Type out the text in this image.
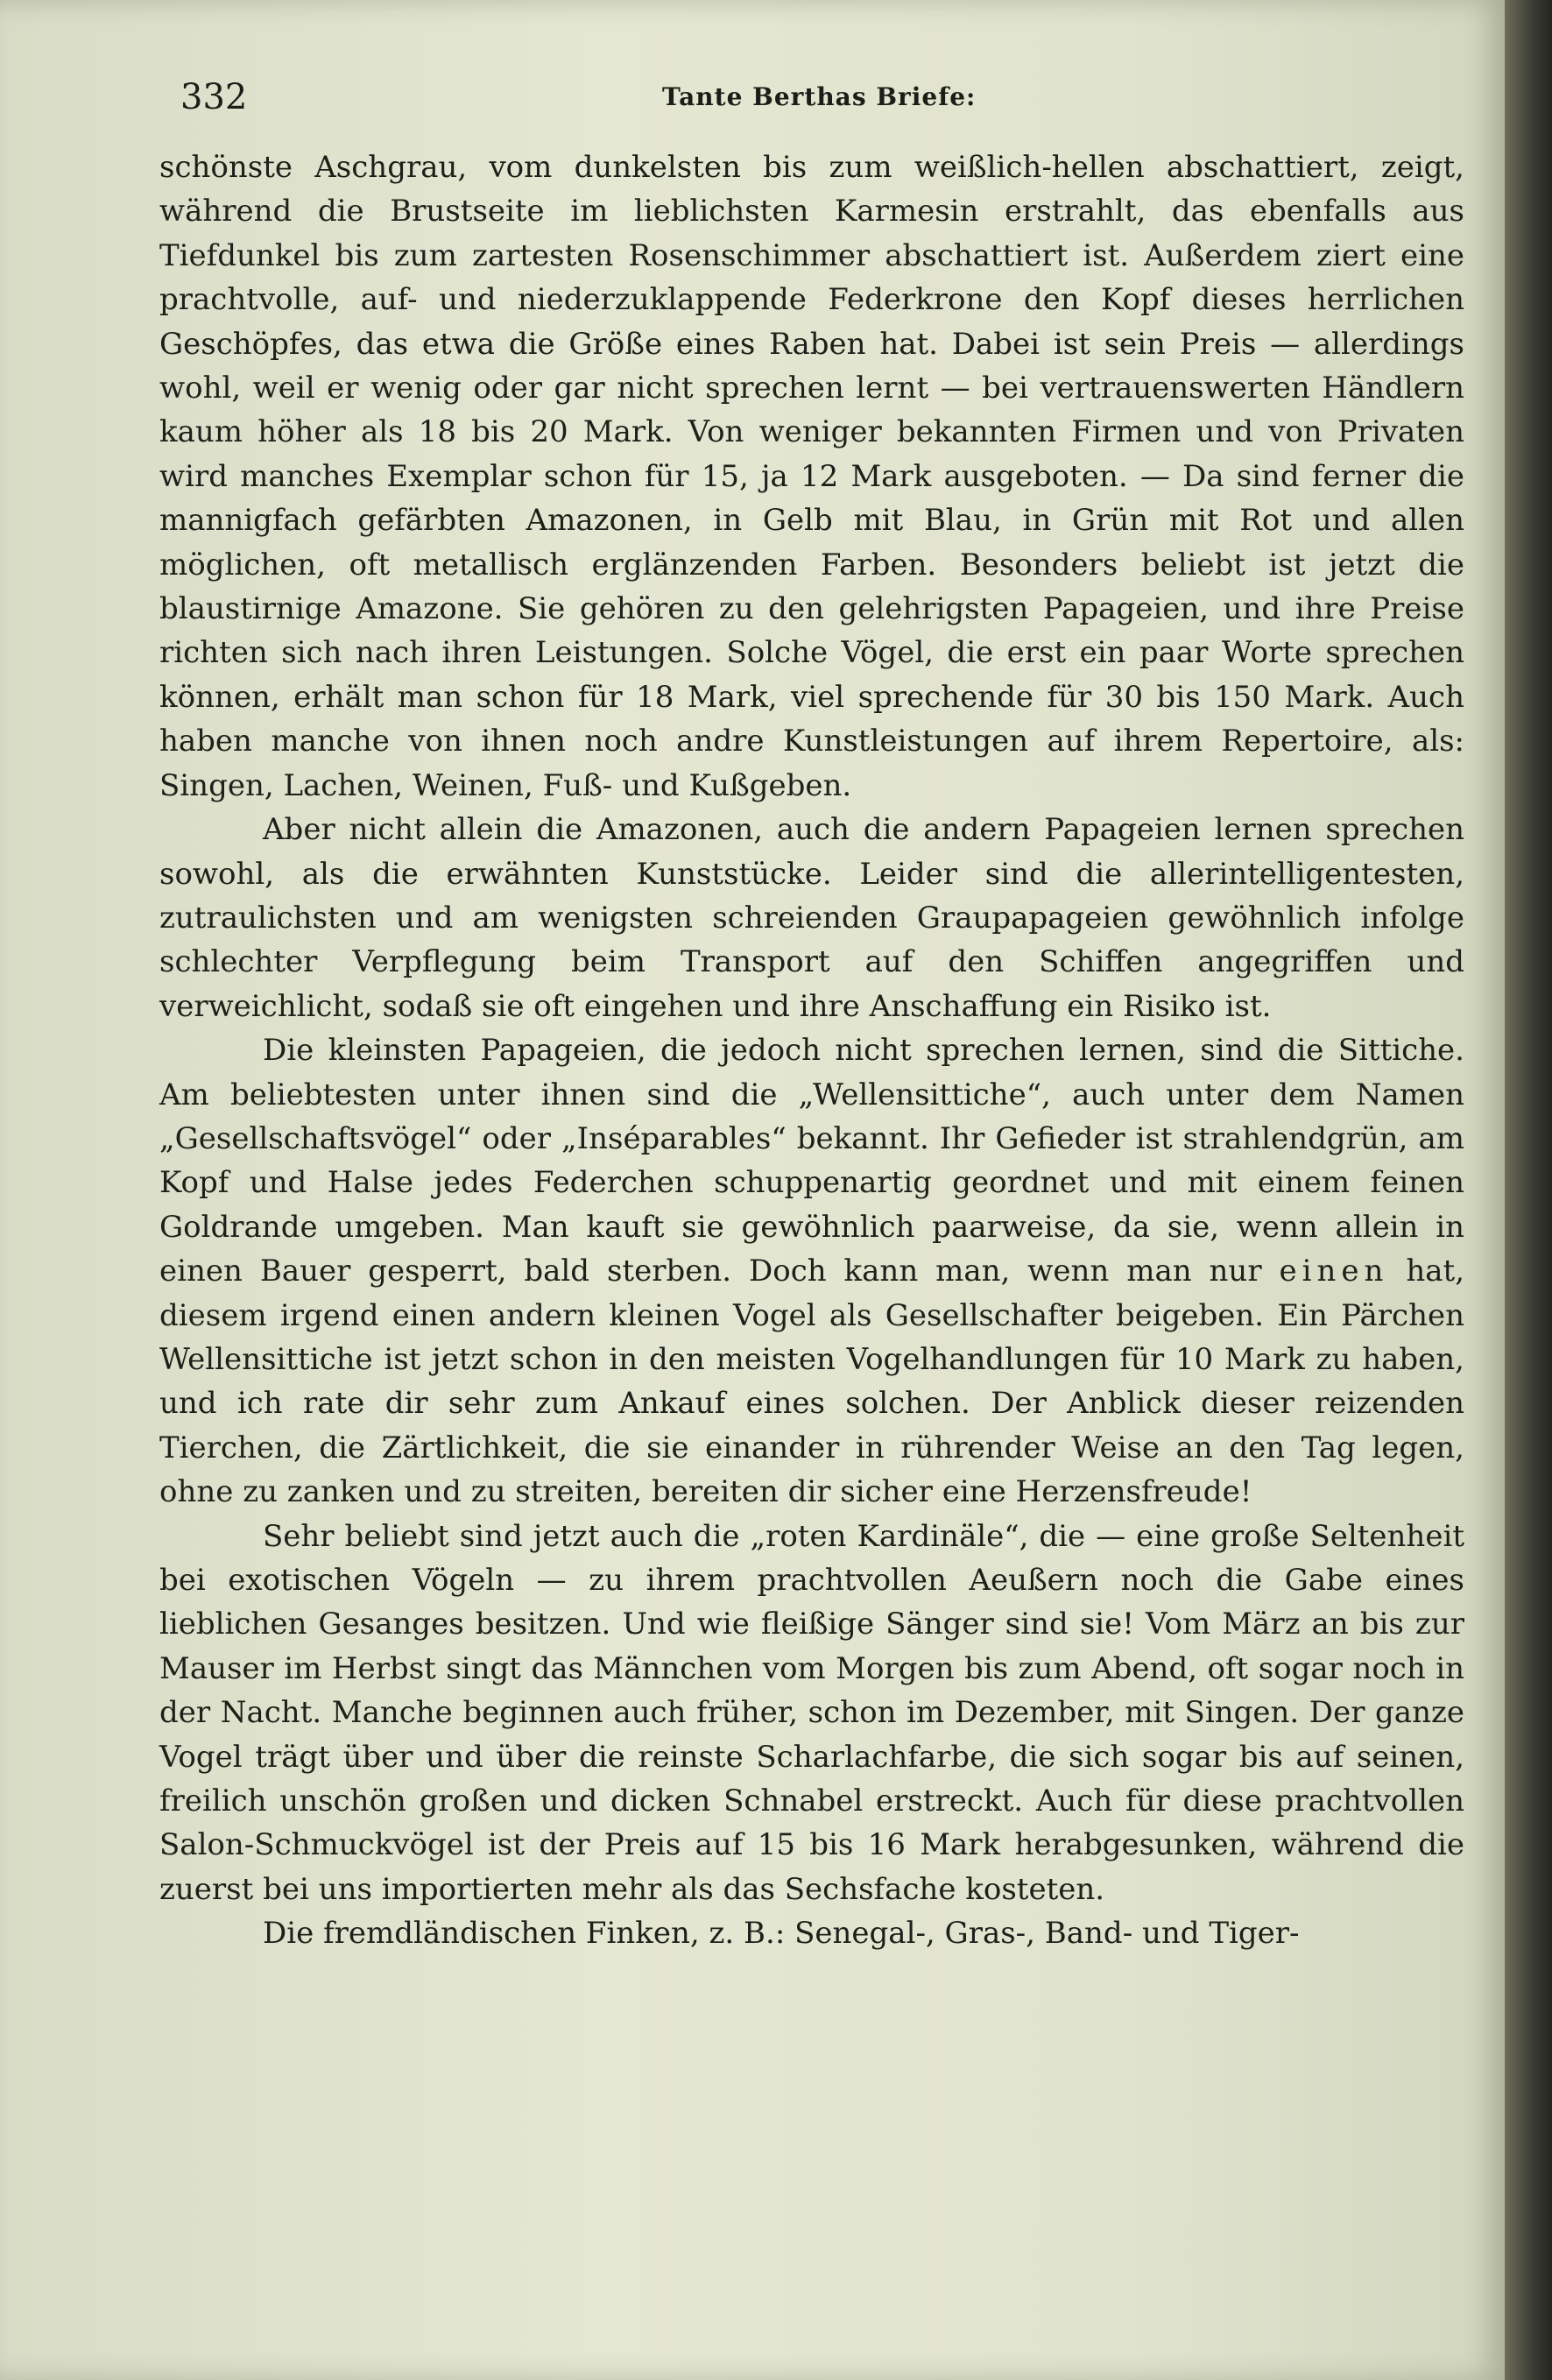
332	Tante Berthas Briefe:

schönste Aschgrau, vom dunkelsten bis zum weißlich-hellen abschattiert, zeigt, während die Brustseite im lieblichsten Karmesin erstrahlt, das ebenfalls aus Tiefdunkel bis zum zartesten Rosenschimmer abschattiert ist. Außerdem ziert eine prachtvolle, auf- und niederzuklappende Federkrone den Kopf dieses herrlichen Geschöpfes, das etwa die Größe eines Raben hat. Dabei ist sein Preis — allerdings wohl, weil er wenig oder gar nicht sprechen lernt — bei vertrauenswerten Händlern kaum höher als 18 bis 20 Mark. Von weniger bekannten Firmen und von Privaten wird manches Exemplar schon für 15, ja 12 Mark ausgeboten. — Da sind ferner die mannigfach gefärbten Amazonen, in Gelb mit Blau, in Grün mit Rot und allen möglichen, oft metallisch erglänzenden Farben. Besonders beliebt ist jetzt die blaustirnige Amazone. Sie gehören zu den gelehrigsten Papageien, und ihre Preise richten sich nach ihren Leistungen. Solche Vögel, die erst ein paar Worte sprechen können, erhält man schon für 18 Mark, viel sprechende für 30 bis 150 Mark. Auch haben manche von ihnen noch andre Kunstleistungen auf ihrem Repertoire, als: Singen, Lachen, Weinen, Fuß- und Kußgeben.

Aber nicht allein die Amazonen, auch die andern Papageien lernen sprechen sowohl, als die erwähnten Kunststücke. Leider sind die allerintelligentesten, zutraulichsten und am wenigsten schreienden Graupapageien gewöhnlich infolge schlechter Verpflegung beim Transport auf den Schiffen angegriffen und verweichlicht, sodaß sie oft eingehen und ihre Anschaffung ein Risiko ist.

Die kleinsten Papageien, die jedoch nicht sprechen lernen, sind die Sittiche. Am beliebtesten unter ihnen sind die „Wellensittiche“, auch unter dem Namen „Gesellschaftsvögel“ oder „Inséparables“ bekannt. Ihr Gefieder ist strahlendgrün, am Kopf und Halse jedes Federchen schuppenartig geordnet und mit einem feinen Goldrande umgeben. Man kauft sie gewöhnlich paarweise, da sie, wenn allein in einen Bauer gesperrt, bald sterben. Doch kann man, wenn man nur einen hat, diesem irgend einen andern kleinen Vogel als Gesellschafter beigeben. Ein Pärchen Wellensittiche ist jetzt schon in den meisten Vogelhandlungen für 10 Mark zu haben, und ich rate dir sehr zum Ankauf eines solchen. Der Anblick dieser reizenden Tierchen, die Zärtlichkeit, die sie einander in rührender Weise an den Tag legen, ohne zu zanken und zu streiten, bereiten dir sicher eine Herzensfreude!

Sehr beliebt sind jetzt auch die „roten Kardinäle“, die — eine große Seltenheit bei exotischen Vögeln — zu ihrem prachtvollen Aeußern noch die Gabe eines lieblichen Gesanges besitzen. Und wie fleißige Sänger sind sie! Vom März an bis zur Mauser im Herbst singt das Männchen vom Morgen bis zum Abend, oft sogar noch in der Nacht. Manche beginnen auch früher, schon im Dezember, mit Singen. Der ganze Vogel trägt über und über die reinste Scharlachfarbe, die sich sogar bis auf seinen, freilich unschön großen und dicken Schnabel erstreckt. Auch für diese prachtvollen Salon-Schmuckvögel ist der Preis auf 15 bis 16 Mark herabgesunken, während die zuerst bei uns importierten mehr als das Sechsfache kosteten.

Die fremdländischen Finken, z. B.: Senegal-, Gras-, Band- und Tiger-
